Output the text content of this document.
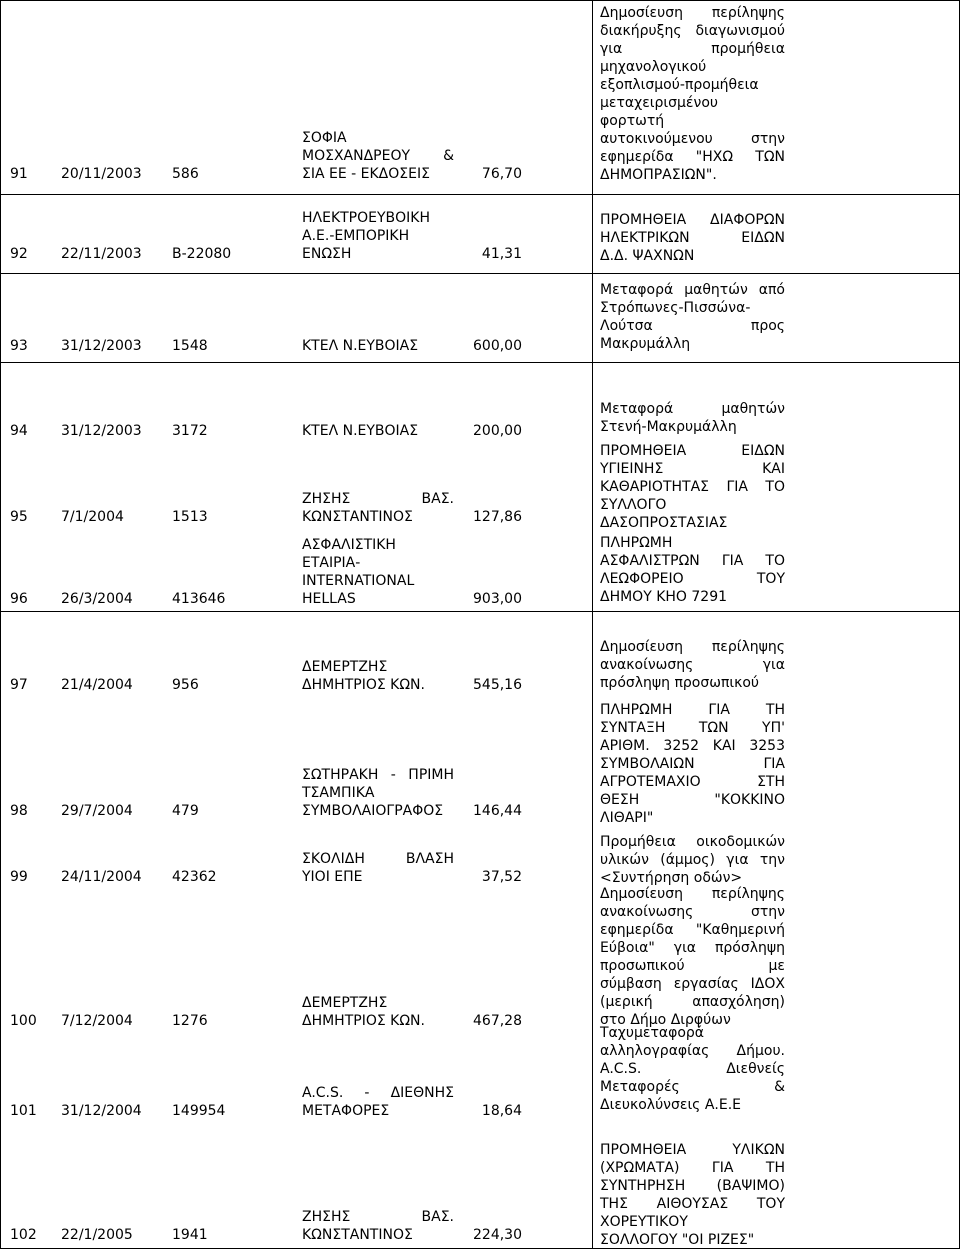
91 20/11/2003 586
ΣΟΦΙΑ
ΜΟΣΧΑΝΔΡΕΟΥ &
ΣΙΑ ΕΕ - ΕΚΔΟΣΕΙΣ	76,70
Δημοσίευση περίληψης
διακήρυξης διαγωνισμού
για προμήθεια
μηχανολογικού
εξοπλισμού-προμήθεια
μεταχειρισμένου
φορτωτή
αυτοκινούμενου στην
εφημερίδα "ΗΧΩ ΤΩΝ
ΔΗΜΟΠΡΑΣΙΩΝ".
92 22/11/2003 B-22080
ΗΛΕΚΤΡΟΕΥΒΟΙΚΗ
Α.Ε.-ΕΜΠΟΡΙΚΗ
ΕΝΩΣΗ	41,31
ΠΡΟΜΗΘΕΙΑ ΔΙΑΦΟΡΩΝ
ΗΛΕΚΤΡΙΚΩΝ ΕΙΔΩΝ
Δ.Δ. ΨΑΧΝΩΝ
93 31/12/2003 1548	ΚΤΕΛ Ν.ΕΥΒΟΙΑΣ	600,00
Μεταφορά μαθητών από
Στρόπωνες-Πισσώνα-
Λούτσα προς
Μακρυμάλλη
94 31/12/2003 3172	ΚΤΕΛ Ν.ΕΥΒΟΙΑΣ	200,00
Μεταφορά μαθητών
Στενή-Μακρυμάλλη
95 7/1/2004	1513
ΖΗΣΗΣ ΒΑΣ.
ΚΩΝΣΤΑΝΤΙΝΟΣ	127,86
ΠΡΟΜΗΘΕΙΑ ΕΙΔΩΝ
ΥΓΙΕΙΝΗΣ ΚΑΙ
ΚΑΘΑΡΙΟΤΗΤΑΣ ΓΙΑ ΤΟ
ΣΥΛΛΟΓΟ
ΔΑΣΟΠΡΟΣΤΑΣΙΑΣ
96 26/3/2004	413646
ΑΣΦΑΛΙΣΤΙΚΗ
ΕΤΑΙΡΙΑ-
INTERNATIONAL
HELLAS	903,00
ΠΛΗΡΩΜΗ
ΑΣΦΑΛΙΣΤΡΩΝ ΓΙΑ ΤΟ
ΛΕΩΦΟΡΕΙΟ ΤΟΥ
ΔΗΜΟΥ ΚΗΟ 7291
97 21/4/2004	956
ΔΕΜΕΡΤΖΗΣ
ΔΗΜΗΤΡΙΟΣ ΚΩΝ.	545,16
Δημοσίευση περίληψης
ανακοίνωσης για
πρόσληψη προσωπικού
98 29/7/2004	479
ΣΩΤΗΡΑΚΗ - ΠΡΙΜΗ
ΤΣΑΜΠΙΚΑ
ΣΥΜΒΟΛΑΙΟΓΡΑΦΟΣ	146,44
ΠΛΗΡΩΜΗ ΓΙΑ ΤΗ
ΣΥΝΤΑΞΗ ΤΩΝ ΥΠ'
ΑΡΙΘΜ. 3252 ΚΑΙ 3253
ΣΥΜΒΟΛΑΙΩΝ ΓΙΑ
ΑΓΡΟΤΕΜΑΧΙΟ ΣΤΗ
ΘΕΣΗ "ΚΟΚΚΙΝΟ
ΛΙΘΑΡΙ"
99 24/11/2004 42362
ΣΚΟΛΙΔΗ ΒΛΑΣΗ
ΥΙΟΙ ΕΠΕ	37,52
Προμήθεια οικοδομικών
υλικών (άμμος) για την
<Συντήρηση οδών>
100 7/12/2004	1276
ΔΕΜΕΡΤΖΗΣ
ΔΗΜΗΤΡΙΟΣ ΚΩΝ.	467,28
Δημοσίευση περίληψης
ανακοίνωσης στην
εφημερίδα "Καθημερινή
Εύβοια" για πρόσληψη
προσωπικού με
σύμβαση εργασίας ΙΔΟΧ
(μερική απασχόληση)
στο Δήμο Διρφύων
101 31/12/2004 149954
A.C.S. - ΔΙΕΘΝΗΣ
ΜΕΤΑΦΟΡΕΣ	18,64
Ταχυμεταφορά
αλληλογραφίας Δήμου.
A.C.S. Διεθνείς
Μεταφορές &
Διευκολύνσεις Α.Ε.Ε
102 22/1/2005	1941
ΖΗΣΗΣ ΒΑΣ.
ΚΩΝΣΤΑΝΤΙΝΟΣ	224,30
ΠΡΟΜΗΘΕΙΑ ΥΛΙΚΩΝ
(ΧΡΩΜΑΤΑ) ΓΙΑ ΤΗ
ΣΥΝΤΗΡΗΣΗ (ΒΑΨΙΜΟ)
ΤΗΣ ΑΙΘΟΥΣΑΣ ΤΟΥ
ΧΟΡΕΥΤΙΚΟΥ
ΣΟΛΛΟΓΟΥ "ΟΙ ΡΙΖΕΣ"
